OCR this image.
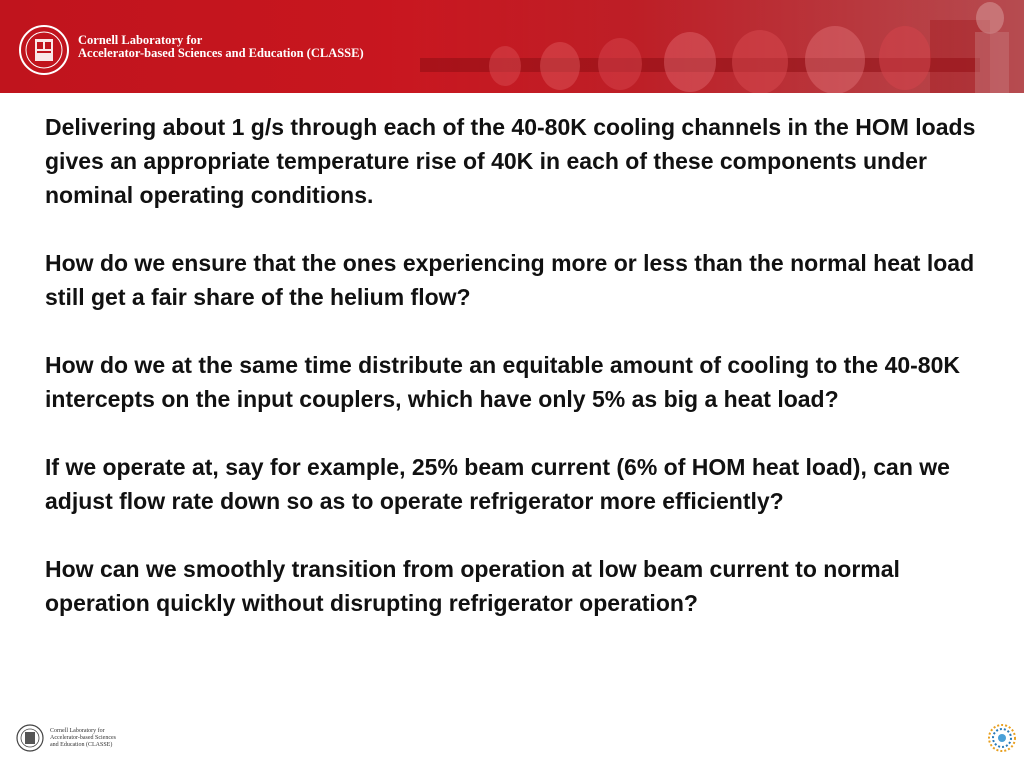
Cornell Laboratory for
Accelerator-based Sciences and Education (CLASSE)

Delivering about 1 g/s through each of the 40-80K cooling channels in the HOM loads gives an appropriate temperature rise of 40K in each of these components under nominal operating conditions.

How do we ensure that the ones experiencing more or less than the normal heat load still get a fair share of the helium flow?

How do we at the same time distribute an equitable amount of cooling to the 40-80K intercepts on the input couplers, which have only 5% as big a heat load?

If we operate at, say for example, 25% beam current (6% of HOM heat load), can we adjust flow rate down so as to operate refrigerator more efficiently?

How can we smoothly transition from operation at low beam current to normal operation quickly without disrupting refrigerator operation?

Cornell Laboratory for
Accelerator-based Sciences
and Education (CLASSE)
